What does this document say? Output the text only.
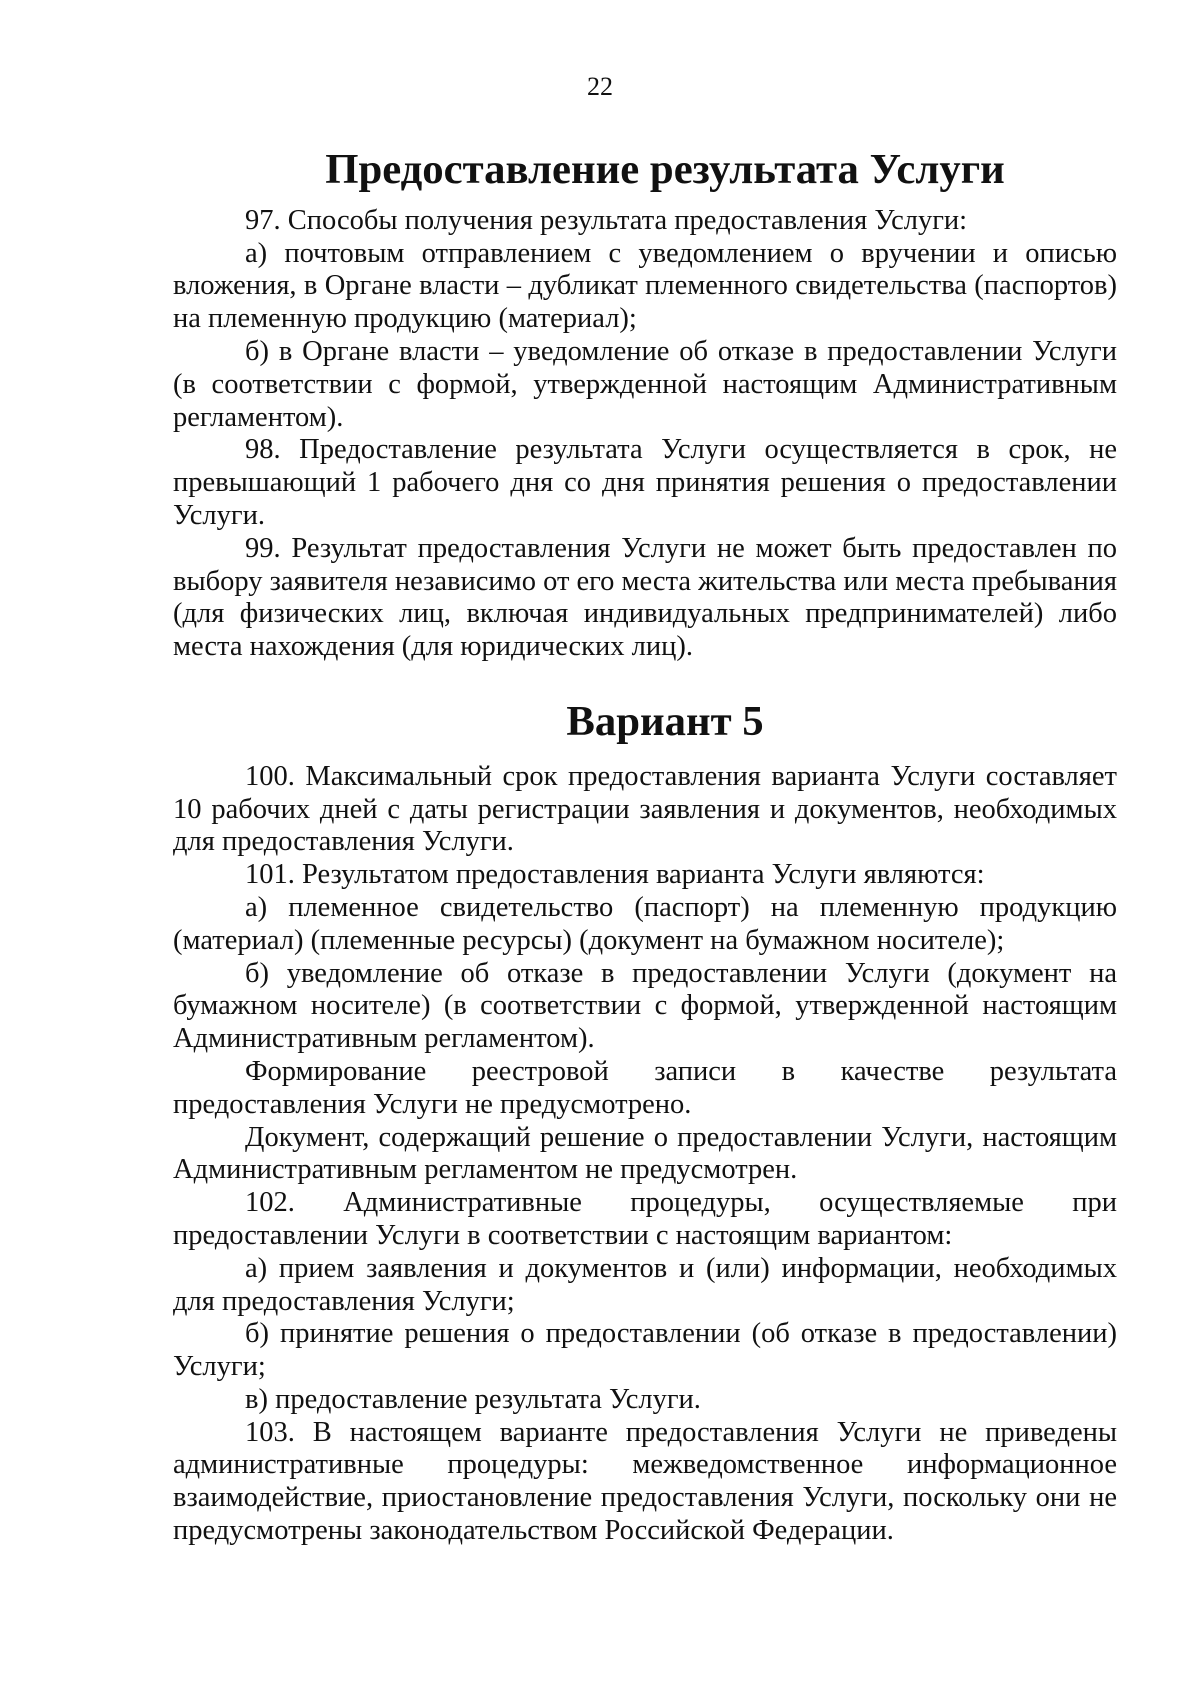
22
Предоставление результата Услуги

97. Способы получения результата предоставления Услуги:

а) почтовым отправлением с уведомлением о вручении и описью вложения, в Органе власти – дубликат племенного свидетельства (паспортов) на племенную продукцию (материал);

б) в Органе власти – уведомление об отказе в предоставлении Услуги (в соответствии с формой, утвержденной настоящим Административным регламентом).

98. Предоставление результата Услуги осуществляется в срок, не превышающий 1 рабочего дня со дня принятия решения о предоставлении Услуги.

99. Результат предоставления Услуги не может быть предоставлен по выбору заявителя независимо от его места жительства или места пребывания (для физических лиц, включая индивидуальных предпринимателей) либо места нахождения (для юридических лиц).

Вариант 5

100. Максимальный срок предоставления варианта Услуги составляет 10 рабочих дней с даты регистрации заявления и документов, необходимых для предоставления Услуги.

101. Результатом предоставления варианта Услуги являются:

а) племенное свидетельство (паспорт) на племенную продукцию (материал) (племенные ресурсы) (документ на бумажном носителе);

б) уведомление об отказе в предоставлении Услуги (документ на бумажном носителе) (в соответствии с формой, утвержденной настоящим Административным регламентом).

Формирование реестровой записи в качестве результата предоставления Услуги не предусмотрено.

Документ, содержащий решение о предоставлении Услуги, настоящим Административным регламентом не предусмотрен.

102. Административные процедуры, осуществляемые при предоставлении Услуги в соответствии с настоящим вариантом:

а) прием заявления и документов и (или) информации, необходимых для предоставления Услуги;

б) принятие решения о предоставлении (об отказе в предоставлении) Услуги;

в) предоставление результата Услуги.

103. В настоящем варианте предоставления Услуги не приведены административные процедуры: межведомственное информационное взаимодействие, приостановление предоставления Услуги, поскольку они не предусмотрены законодательством Российской Федерации.
